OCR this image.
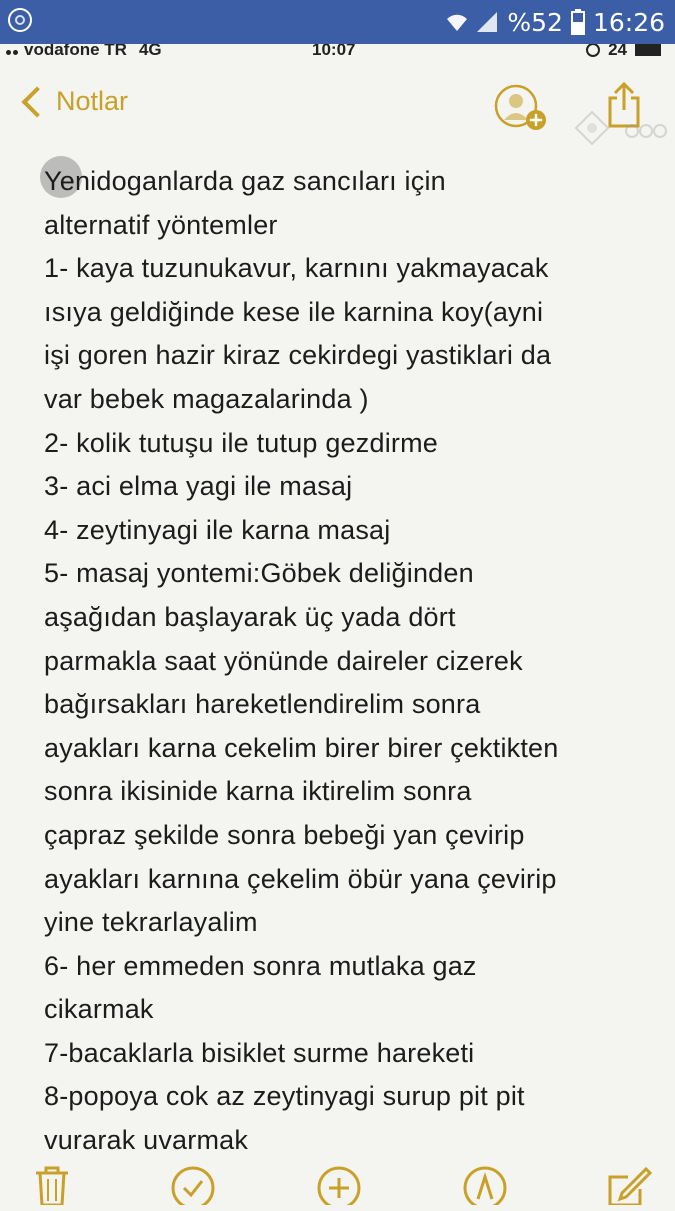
%52 16:26
vodafone TR 4G	10:07	24
Notlar
Yenidoganlarda gaz sancıları için
alternatif yöntemler
1- kaya tuzunukavur, karnını yakmayacak
ısıya geldiğinde kese ile karnina koy(ayni
işi goren hazir kiraz cekirdegi yastiklari da
var bebek magazalarinda )
2- kolik tutuşu ile tutup gezdirme
3- aci elma yagi ile masaj
4- zeytinyagi ile karna masaj
5- masaj yontemi:Göbek deliğinden
aşağıdan başlayarak üç yada dört
parmakla saat yönünde daireler cizerek
bağırsakları hareketlendirelim sonra
ayakları karna cekelim birer birer çektikten
sonra ikisinide karna iktirelim sonra
çapraz şekilde sonra bebeği yan çevirip
ayakları karnına çekelim öbür yana çevirip
yine tekrarlayalim
6- her emmeden sonra mutlaka gaz
cikarmak
7-bacaklarla bisiklet surme hareketi
8-popoya cok az zeytinyagi surup pit pit
vurarak uvarmak
